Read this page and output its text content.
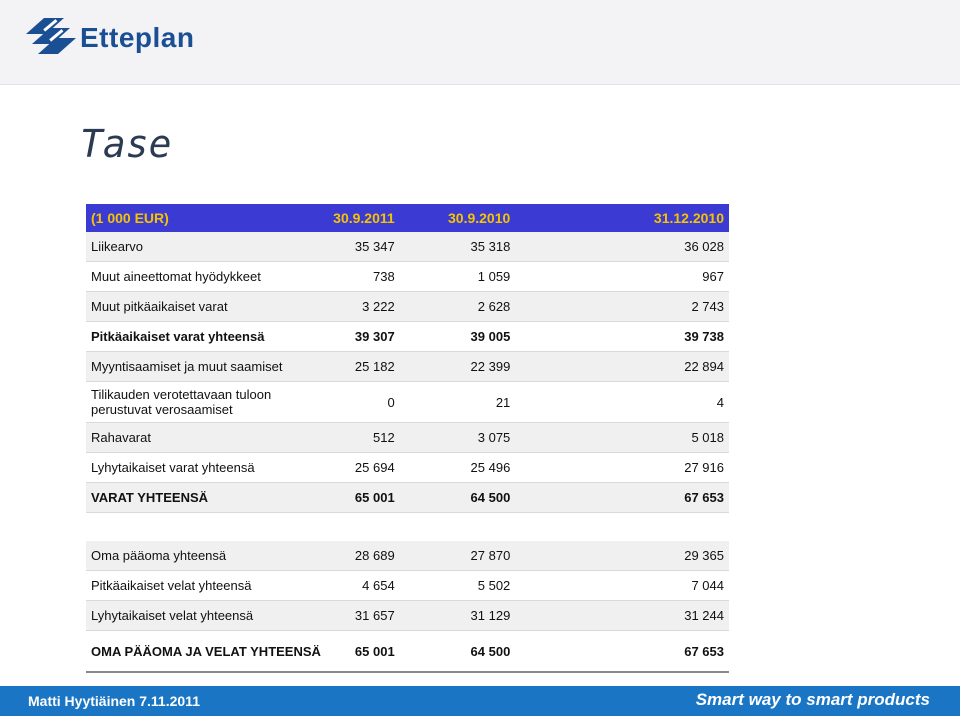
Etteplan
Tase
(1 000 EUR)	30.9.2011	30.9.2010	31.12.2010
Liikearvo	35 347	35 318	36 028
Muut aineettomat hyödykkeet	738	1 059	967
Muut pitkäaikaiset varat	3 222	2 628	2 743
Pitkäaikaiset varat yhteensä	39 307	39 005	39 738
Myyntisaamiset ja muut saamiset	25 182	22 399	22 894
Tilikauden verotettavaan tuloon perustuvat verosaamiset	0	21	4
Rahavarat	512	3 075	5 018
Lyhytaikaiset varat yhteensä	25 694	25 496	27 916
VARAT YHTEENSÄ	65 001	64 500	67 653

Oma pääoma yhteensä	28 689	27 870	29 365
Pitkäaikaiset velat yhteensä	4 654	5 502	7 044
Lyhytaikaiset velat yhteensä	31 657	31 129	31 244
OMA PÄÄOMA JA VELAT YHTEENSÄ	65 001	64 500	67 653
Matti Hyytiäinen 7.11.2011	Smart way to smart products
